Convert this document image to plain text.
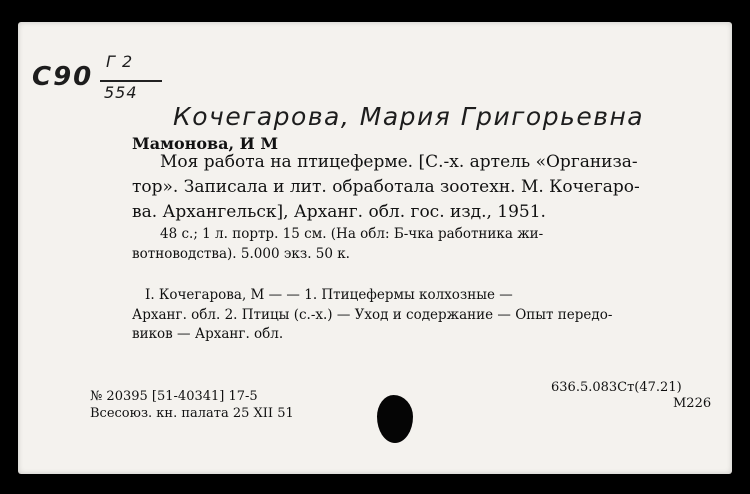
С90
Г 2
554
Кочегарова, Мария Григорьевна
Мамонова, И М
Моя работа на птицеферме. [С.-х. артель «Организа-
тор». Записала и лит. обработала зоотехн. М. Кочегаро-
ва. Архангельск], Арханг. обл. гос. изд., 1951.
48 с.; 1 л. портр. 15 см. (На обл: Б-чка работника жи-
вотноводства). 5.000 экз. 50 к.
I. Кочегарова, М — — 1. Птицефермы колхозные —
Арханг. обл. 2. Птицы (с.-х.) — Уход и содержание — Опыт передо-
виков — Арханг. обл.
№ 20395 [51-40341] 17-5
Всесоюз. кн. палата 25 XII 51
636.5.083Ст(47.21)
М226
